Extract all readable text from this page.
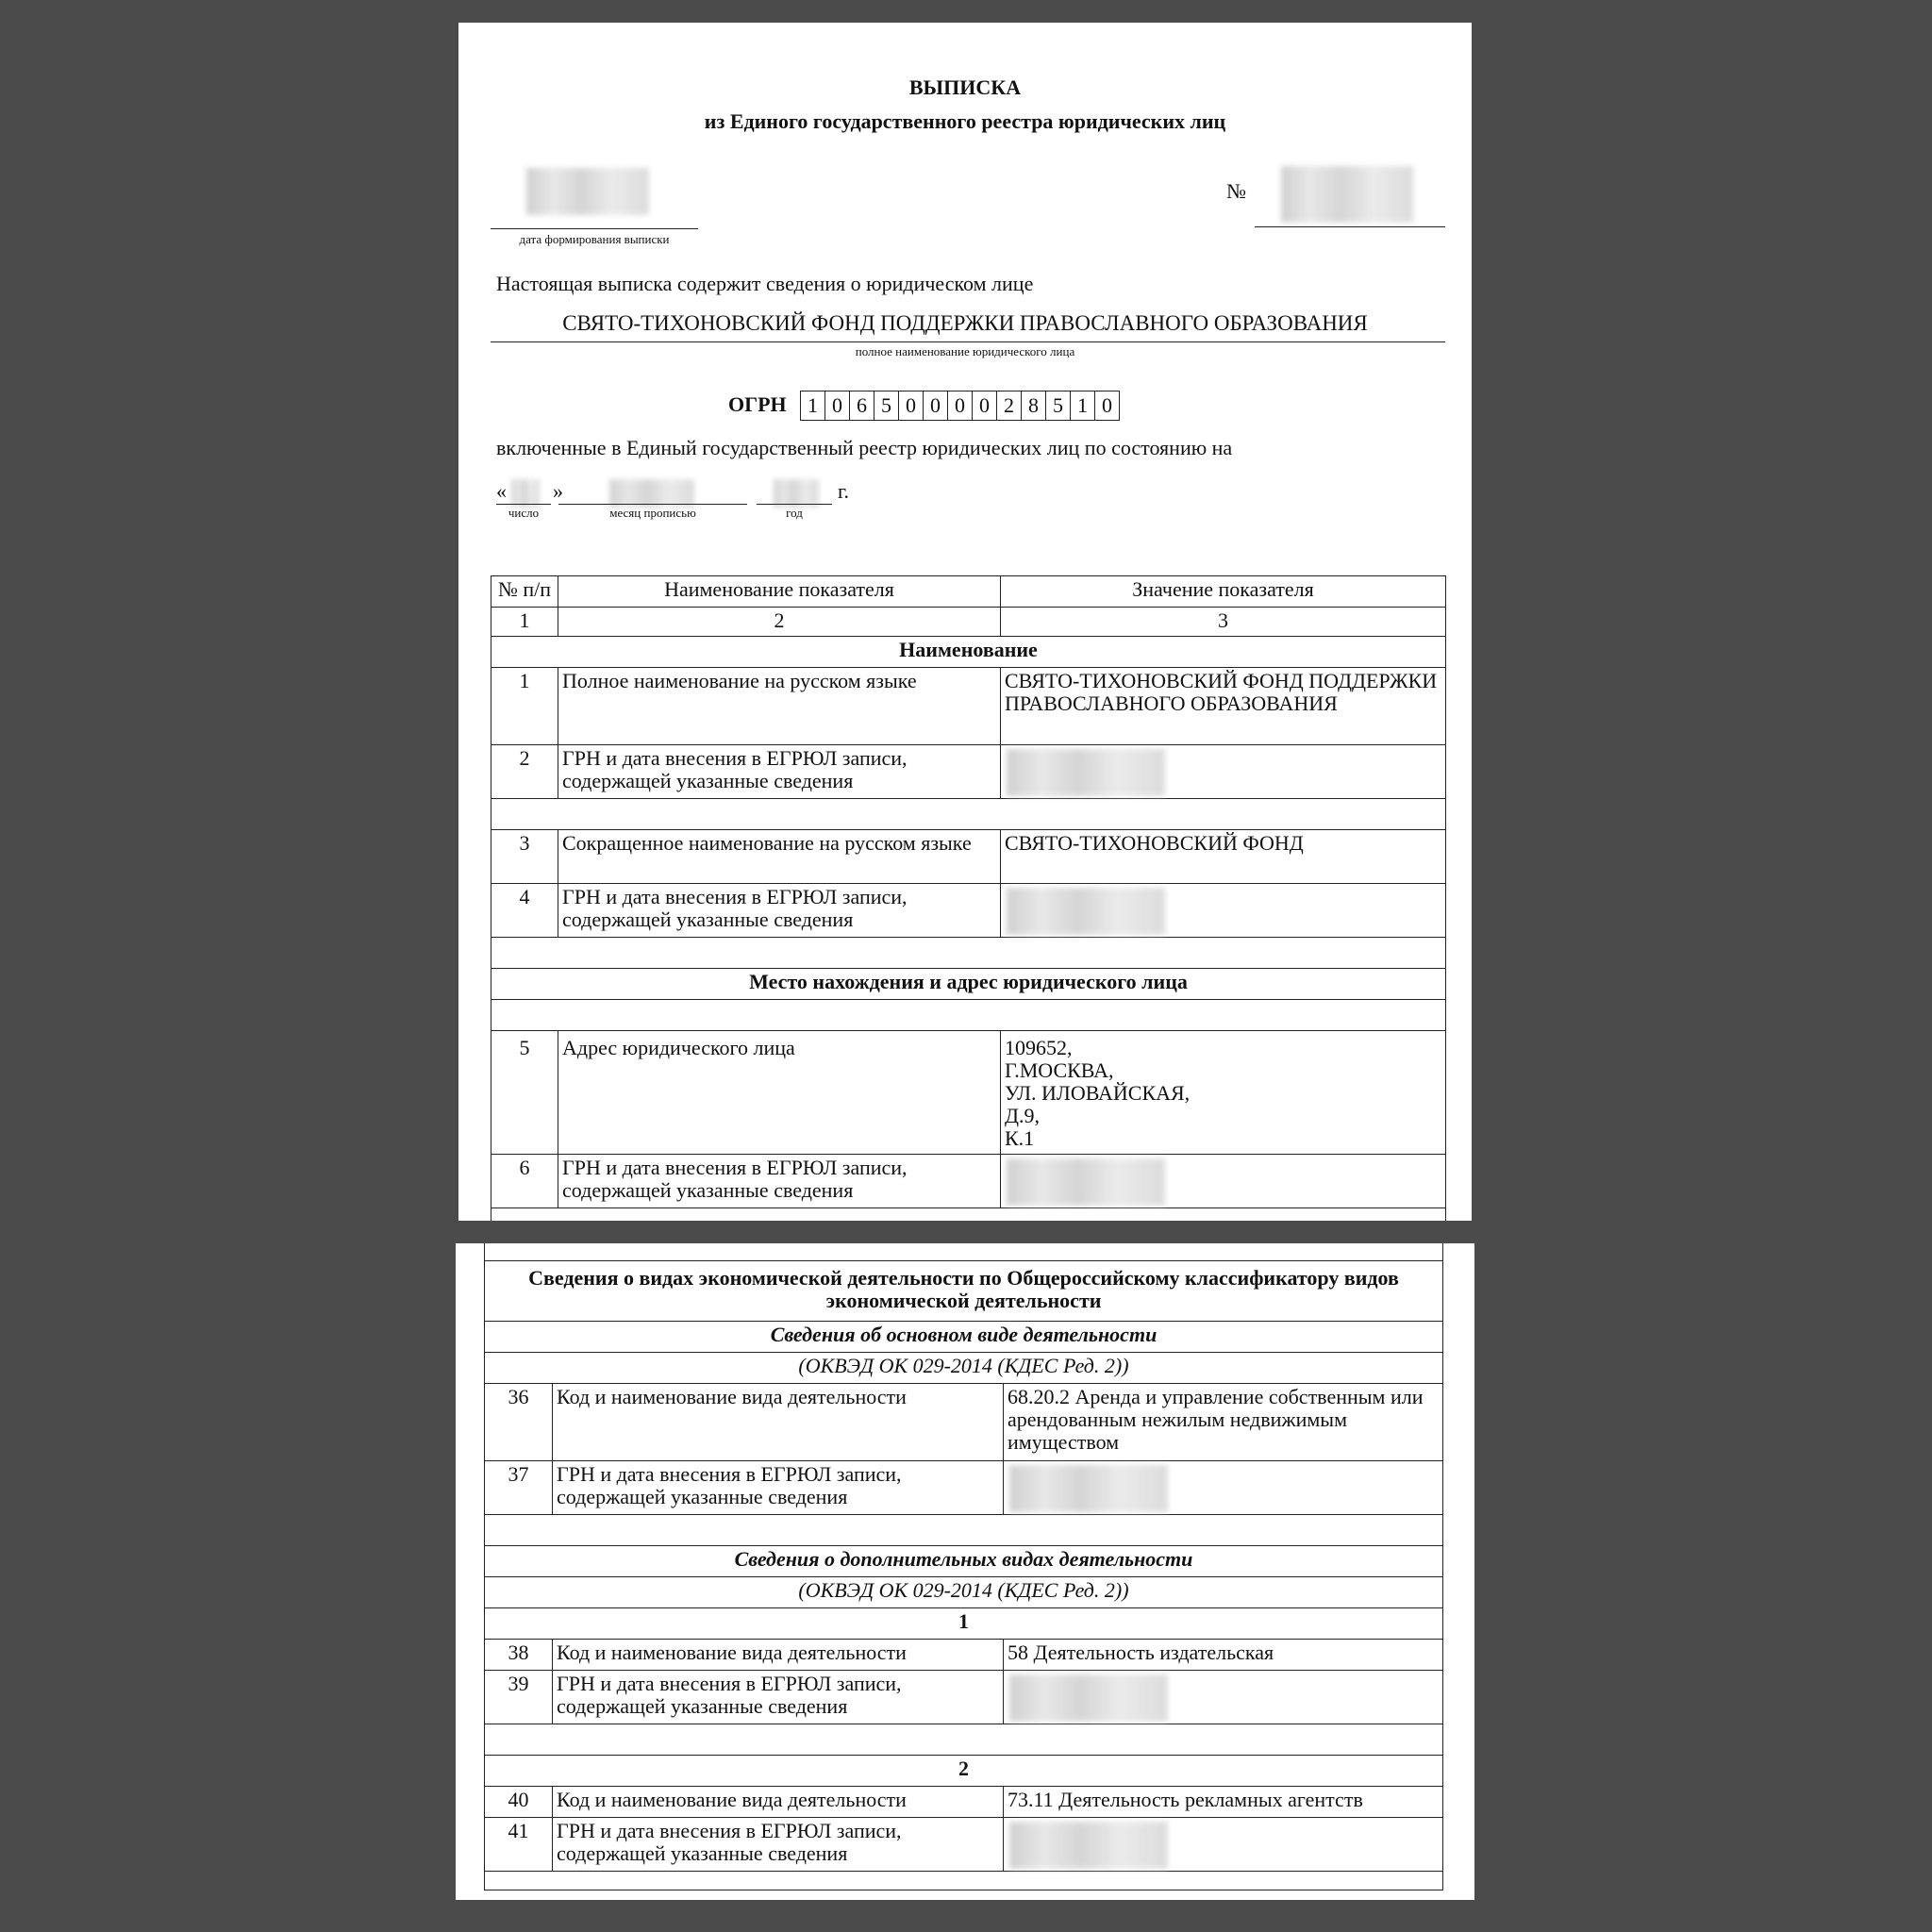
ВЫПИСКА
из Единого государственного реестра юридических лиц
дата формирования выписки
№
Настоящая выписка содержит сведения о юридическом лице
СВЯТО-ТИХОНОВСКИЙ ФОНД ПОДДЕРЖКИ ПРАВОСЛАВНОГО ОБРАЗОВАНИЯ
полное наименование юридического лица
ОГРН	1 0 6 5 0 0 0 0 2 8 5 1 0
включенные в Единый государственный реестр юридических лиц по состоянию на
« »	г.
число	месяц прописью	год
№ п/п	Наименование показателя	Значение показателя
1	2	3
Наименование		
1	Полное наименование на русском языке	СВЯТО-ТИХОНОВСКИЙ ФОНД ПОДДЕРЖКИ ПРАВОСЛАВНОГО ОБРАЗОВАНИЯ
2	ГРН и дата внесения в ЕГРЮЛ записи, содержащей указанные сведения	

3	Сокращенное наименование на русском языке	СВЯТО-ТИХОНОВСКИЙ ФОНД
4	ГРН и дата внесения в ЕГРЮЛ записи, содержащей указанные сведения	

Место нахождения и адрес юридического лица		

5	Адрес юридического лица	109652,
Г.МОСКВА,
УЛ. ИЛОВАЙСКАЯ,
Д.9,
К.1

6	ГРН и дата внесения в ЕГРЮЛ записи, содержащей указанные сведения	

Сведения о видах экономической деятельности по Общероссийскому классификатору видов экономической деятельности		
Сведения об основном виде деятельности		
(ОКВЭД ОК 029-2014 (КДЕС Ред. 2))		
36	Код и наименование вида деятельности	68.20.2 Аренда и управление собственным или арендованным нежилым недвижимым имуществом
37	ГРН и дата внесения в ЕГРЮЛ записи, содержащей указанные сведения	

Сведения о дополнительных видах деятельности		
(ОКВЭД ОК 029-2014 (КДЕС Ред. 2))		
1		
38	Код и наименование вида деятельности	58 Деятельность издательская
39	ГРН и дата внесения в ЕГРЮЛ записи, содержащей указанные сведения	

2		
40	Код и наименование вида деятельности	73.11 Деятельность рекламных агентств
41	ГРН и дата внесения в ЕГРЮЛ записи, содержащей указанные сведения	
